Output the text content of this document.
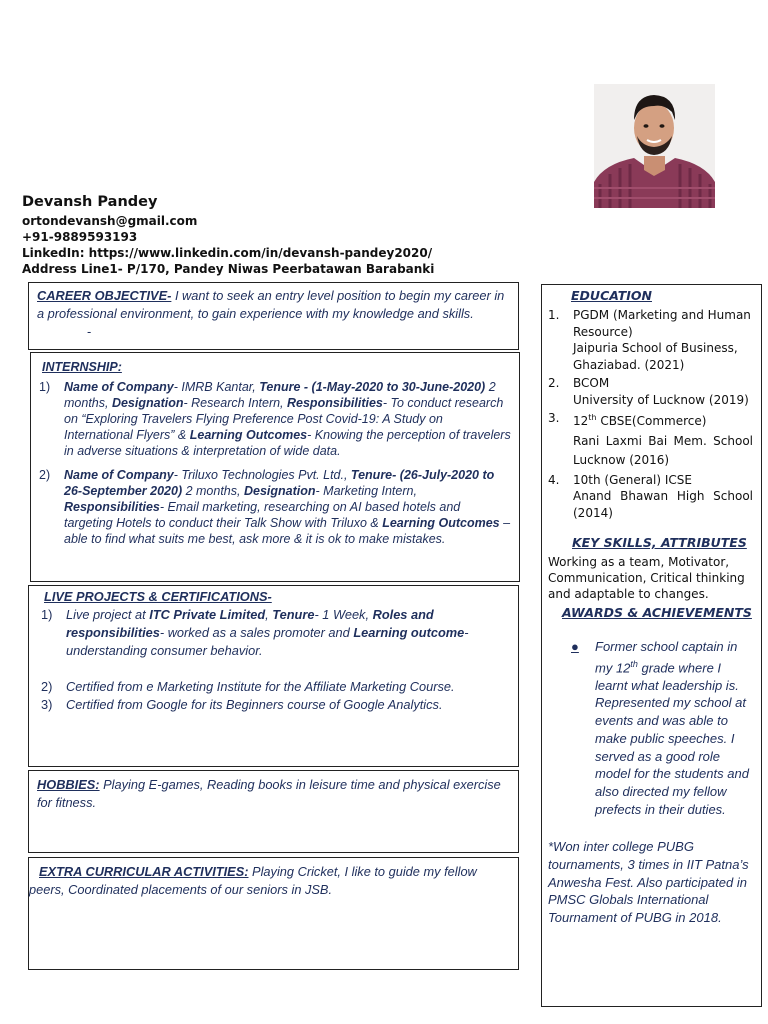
Devansh Pandey
ortondevansh@gmail.com
+91-9889593193
LinkedIn: https://www.linkedin.com/in/devansh-pandey2020/
Address Line1- P/170, Pandey Niwas Peerbatawan Barabanki
CAREER OBJECTIVE- I want to seek an entry level position to begin my career in a professional environment, to gain experience with my knowledge and skills. -
INTERNSHIP:
1) Name of Company- IMRB Kantar, Tenure - (1-May-2020 to 30-June-2020) 2 months, Designation- Research Intern, Responsibilities- To conduct research on “Exploring Travelers Flying Preference Post Covid-19: A Study on International Flyers” & Learning Outcomes- Knowing the perception of travelers in adverse situations & interpretation of wide data.
2) Name of Company- Triluxo Technologies Pvt. Ltd., Tenure- (26-July-2020 to 26-September 2020) 2 months, Designation- Marketing Intern, Responsibilities- Email marketing, researching on AI based hotels and targeting Hotels to conduct their Talk Show with Triluxo & Learning Outcomes – able to find what suits me best, ask more & it is ok to make mistakes.
LIVE PROJECTS & CERTIFICATIONS-
1) Live project at ITC Private Limited, Tenure- 1 Week, Roles and responsibilities- worked as a sales promoter and Learning outcome- understanding consumer behavior.
2) Certified from e Marketing Institute for the Affiliate Marketing Course.
3) Certified from Google for its Beginners course of Google Analytics.
HOBBIES: Playing E-games, Reading books in leisure time and physical exercise for fitness.
EXTRA CURRICULAR ACTIVITIES: Playing Cricket, I like to guide my fellow peers, Coordinated placements of our seniors in JSB.
EDUCATION
1. PGDM (Marketing and Human Resource)
Jaipuria School of Business, Ghaziabad. (2021)
2. BCOM
University of Lucknow (2019)
3. 12th CBSE(Commerce)
Rani Laxmi Bai Mem. School Lucknow (2016)
4. 10th (General) ICSE
Anand Bhawan High School (2014)
KEY SKILLS, ATTRIBUTES
Working as a team, Motivator, Communication, Critical thinking and adaptable to changes.
AWARDS & ACHIEVEMENTS
● Former school captain in my 12th grade where I learnt what leadership is. Represented my school at events and was able to make public speeches. I served as a good role model for the students and also directed my fellow prefects in their duties.
*Won inter college PUBG tournaments, 3 times in IIT Patna’s Anwesha Fest. Also participated in PMSC Globals International Tournament of PUBG in 2018.
